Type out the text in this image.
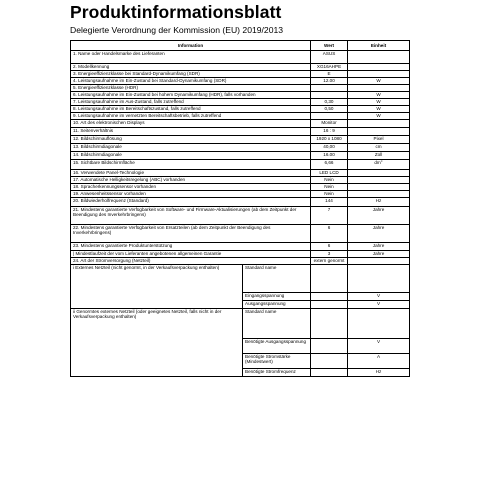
Produktinformationsblatt
Delegierte Verordnung der Kommission (EU) 2019/2013
Information		Wert	Einheit
1. Name oder Handelsmarke des Lieferanten		ASUS	
2. Modellkennung		XG16AHPE	
3. Energieeffizienzklasse bei Standard-Dynamikumfang (SDR)		E	
4. Leistungsaufnahme im Ein-Zustand bei Standard-Dynamikumfang (SDR)		12.00	W
5. Energieeffizienzklasse (HDR)			
6. Leistungsaufnahme im Ein-Zustand bei hohem Dynamikumfang (HDR), falls vorhanden			W
7. Leistungsaufnahme im Aus-Zustand, falls zutreffend		0,30	W
8. Leistungsaufnahme im Bereitschaftszustand, falls zutreffend		0,50	W
9. Leistungsaufnahme im vernetzten Bereitschaftsbetrieb, falls zutreffend			W
10. Art des elektronischen Displays		Monitor	
11. Seitenverhältnis		16 : 9	
12. Bildschirmauflösung		1920 x 1080	Pixel
13. Bildschirmdiagonale		40,00	cm
14. Bildschirmdiagonale		16.00	Zoll
15. Sichtbare Bildschirmfläche		6,66	$dm^2$
16. Verwendete Panel-Technologie		LED LCD	
17. Automatische Helligkeitsregelung (ABC) vorhanden		Nein	
18. Spracherkennungssensor vorhanden		Nein	
19. Anwesenheitssensor vorhanden		Nein	
20. Bildwiederholfrequenz (Standard)		144	Hz
21. Mindestens garantierte Verfügbarkeit von Software- und Firmware-Aktualisierungen (ab dem Zeitpunkt der Beendigung des Inverkehrbringens)		7	Jahre
22. Mindestens garantierte Verfügbarkeit von Ersatzteilen (ab dem Zeitpunkt der Beendigung des Inverkehrbringens)		6	Jahre
23. Mindestens garantierte Produktunterstützung		6	Jahre
| Mindestlaufzeit der vom Lieferanten angebotenen allgemeinen Garantie		3	Jahre
24. Art der Stromversorgung (Netzteil)		extern genormt	
i Externes Netzteil (nicht genormt, in der Verkaufsverpackung enthalten)	Standard name		
	Eingangsspannung		V
	Ausgangsspannung		V
ii Genormtes externes Netzteil (oder geeignetes Netzteil, falls nicht in der Verkaufsverpackung enthalten)	Standard name		
	Benötigte Ausgangsspannung		V
	Benötigte Stromstärke (Mindestwert)		A
	Benötigte Stromfrequenz		Hz
